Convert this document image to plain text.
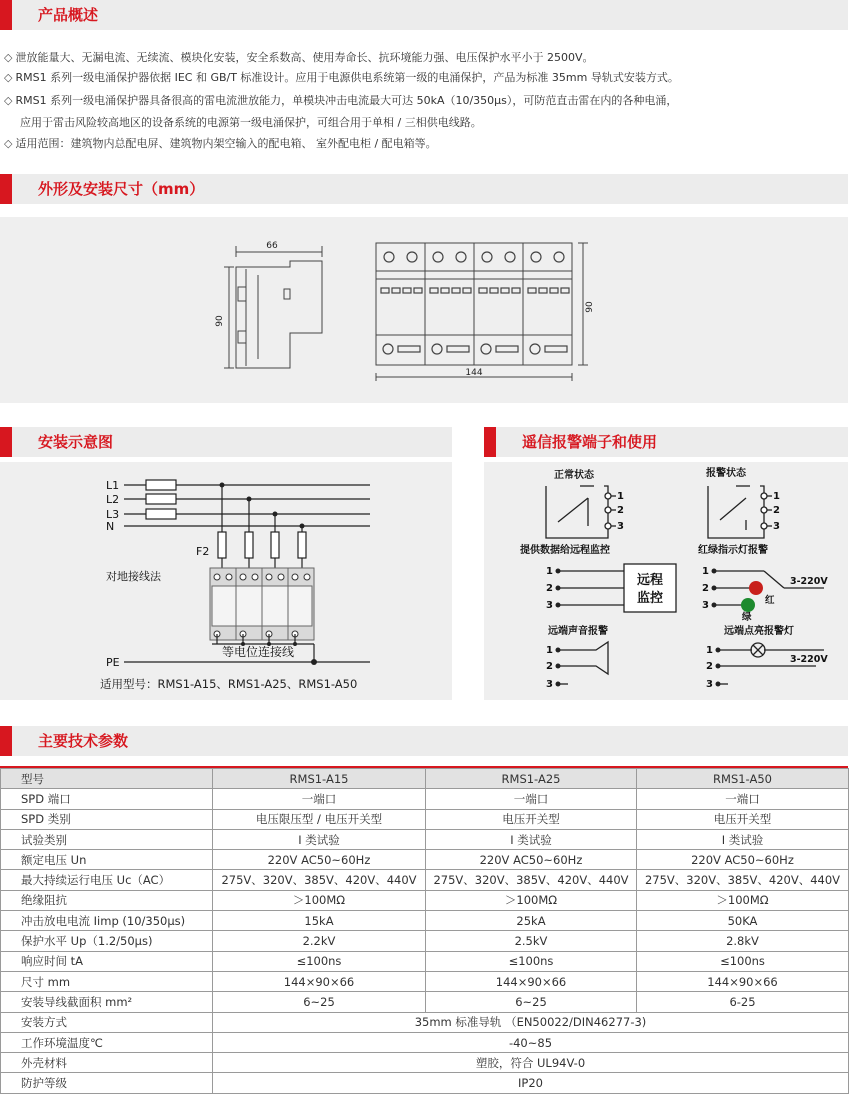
产品概述
◇ 泄放能量大、无漏电流、无续流、模块化安装，安全系数高、使用寿命长、抗环境能力强、电压保护水平小于 2500V。
◇ RMS1 系列一级电涌保护器依据 IEC 和 GB/T 标准设计。应用于电源供电系统第一级的电涌保护，产品为标准 35mm 导轨式安装方式。
◇ RMS1 系列一级电涌保护器具备很高的雷电流泄放能力，单模块冲击电流最大可达 50kA（10/350μs），可防范直击雷在内的各种电涌，
应用于雷击风险较高地区的设备系统的电源第一级电涌保护，可组合用于单相 / 三相供电线路。
◇ 适用范围：建筑物内总配电屏、建筑物内架空输入的配电箱、 室外配电柜 / 配电箱等。
外形及安装尺寸（mm）
66
90
144
90
安装示意图
L1
L2
L3
N
F2
对地接线法
等电位连接线
PE
适用型号：RMS1-A15、RMS1-A25、RMS1-A50
遥信报警端子和使用
正常状态	报警状态
提供数据给远程监控	红绿指示灯报警
远端声音报警	远端点亮报警灯
1
2
3
1
2
3
1
2
3
1
2
3
1
2
3
1
2
3
远程
监控
3-220V
红
绿
3-220V
主要技术参数
型号	RMS1-A15	RMS1-A25	RMS1-A50
SPD 端口	一端口	一端口	一端口
SPD 类别	电压限压型 / 电压开关型	电压开关型	电压开关型
试验类别	I 类试验	I 类试验	I 类试验
额定电压 Un	220V AC50~60Hz	220V AC50~60Hz	220V AC50~60Hz
最大持续运行电压 Uc（AC）	275V、320V、385V、420V、440V	275V、320V、385V、420V、440V	275V、320V、385V、420V、440V
绝缘阻抗	＞100MΩ	＞100MΩ	＞100MΩ
冲击放电电流 Iimp (10/350μs)	15kA	25kA	50KA
保护水平 Up（1.2/50μs)	2.2kV	2.5kV	2.8kV
响应时间 tA	≤100ns	≤100ns	≤100ns
尺寸 mm	144×90×66	144×90×66	144×90×66
安装导线截面积 mm²	6~25	6~25	6-25
安装方式	35mm 标准导轨 （EN50022/DIN46277-3)		
工作环境温度℃	-40~85		
外壳材料	塑胶，符合 UL94V-0		
防护等级	IP20		
